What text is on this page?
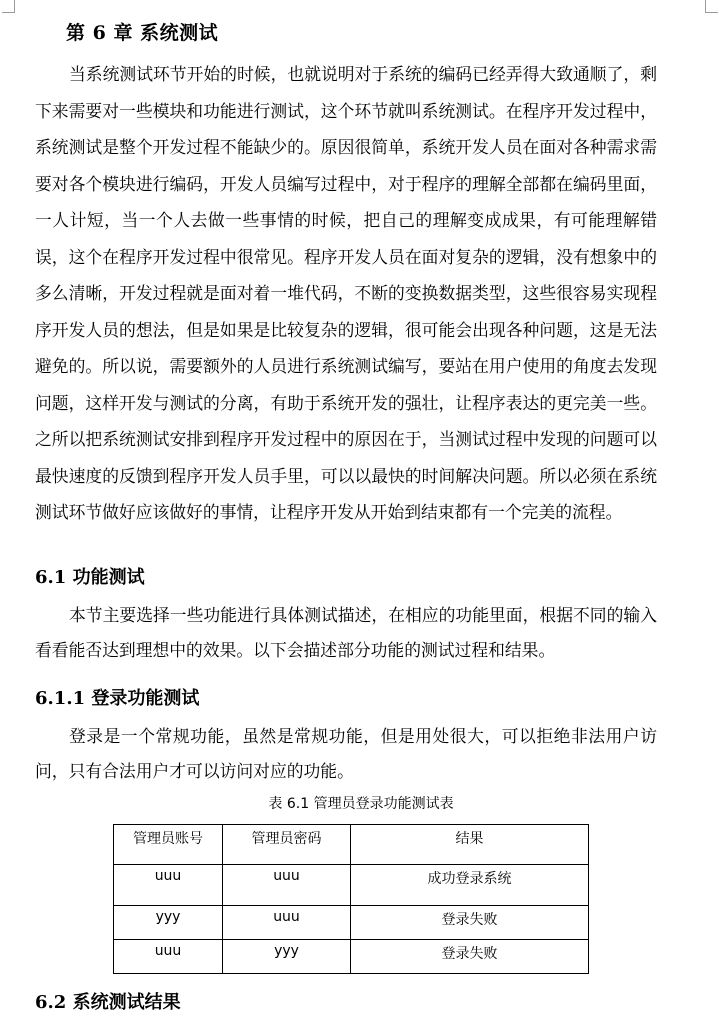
第 6 章 系统测试

当系统测试环节开始的时候，也就说明对于系统的编码已经弄得大致通顺了，剩下来需要对一些模块和功能进行测试，这个环节就叫系统测试。在程序开发过程中，系统测试是整个开发过程不能缺少的。原因很简单，系统开发人员在面对各种需求需要对各个模块进行编码，开发人员编写过程中，对于程序的理解全部都在编码里面，一人计短，当一个人去做一些事情的时候，把自己的理解变成成果，有可能理解错误，这个在程序开发过程中很常见。程序开发人员在面对复杂的逻辑，没有想象中的多么清晰，开发过程就是面对着一堆代码，不断的变换数据类型，这些很容易实现程序开发人员的想法，但是如果是比较复杂的逻辑，很可能会出现各种问题，这是无法避免的。所以说，需要额外的人员进行系统测试编写，要站在用户使用的角度去发现问题，这样开发与测试的分离，有助于系统开发的强壮，让程序表达的更完美一些。之所以把系统测试安排到程序开发过程中的原因在于，当测试过程中发现的问题可以最快速度的反馈到程序开发人员手里，可以以最快的时间解决问题。所以必须在系统测试环节做好应该做好的事情，让程序开发从开始到结束都有一个完美的流程。

6.1 功能测试

本节主要选择一些功能进行具体测试描述，在相应的功能里面，根据不同的输入看看能否达到理想中的效果。以下会描述部分功能的测试过程和结果。

6.1.1 登录功能测试

登录是一个常规功能，虽然是常规功能，但是用处很大，可以拒绝非法用户访问，只有合法用户才可以访问对应的功能。

表 6.1 管理员登录功能测试表
管理员账号	管理员密码	结果
uuu	uuu	成功登录系统
yyy	uuu	登录失败
uuu	yyy	登录失败
6.2 系统测试结果
